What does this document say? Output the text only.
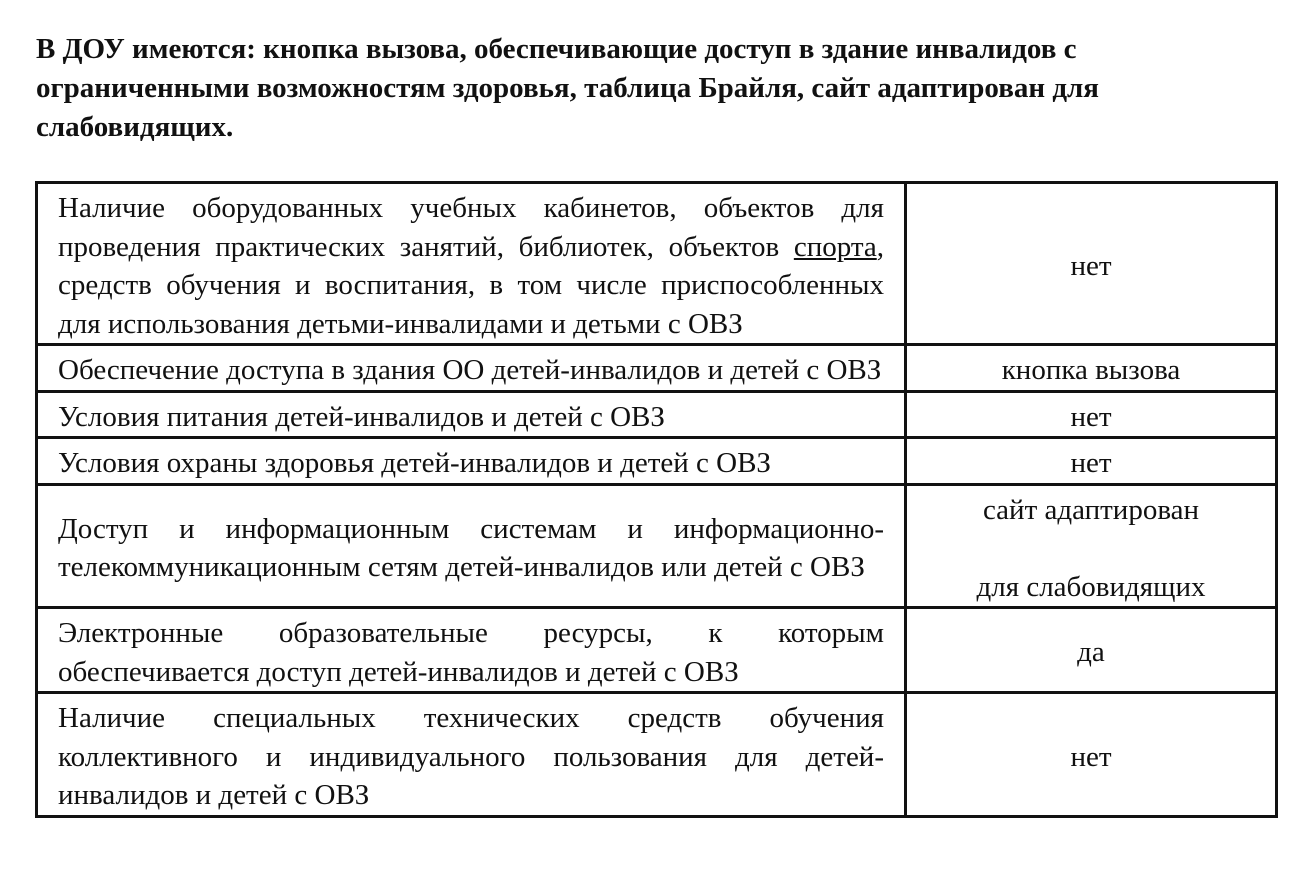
В ДОУ имеются: кнопка вызова, обеспечивающие доступ в здание инвалидов с ограниченными возможностям здоровья, таблица Брайля, сайт адаптирован для слабовидящих.

Наличие оборудованных учебных кабинетов, объектов для проведения практических занятий, библиотек, объектов спорта, средств обучения и воспитания, в том числе приспособленных для использования детьми-инвалидами и детьми с ОВЗ	нет
Обеспечение доступа в здания ОО детей-инвалидов и детей с ОВЗ	кнопка вызова
Условия питания детей-инвалидов и детей с ОВЗ	нет
Условия охраны здоровья детей-инвалидов и детей с ОВЗ	нет
Доступ и информационным системам и информационно-телекоммуникационным сетям детей-инвалидов или детей с ОВЗ	сайт адаптирован
для слабовидящих

Электронные образовательные ресурсы, к которым обеспечивается доступ детей-инвалидов и детей с ОВЗ	да
Наличие специальных технических средств обучения коллективного и индивидуального пользования для детей-инвалидов и детей с ОВЗ	нет
